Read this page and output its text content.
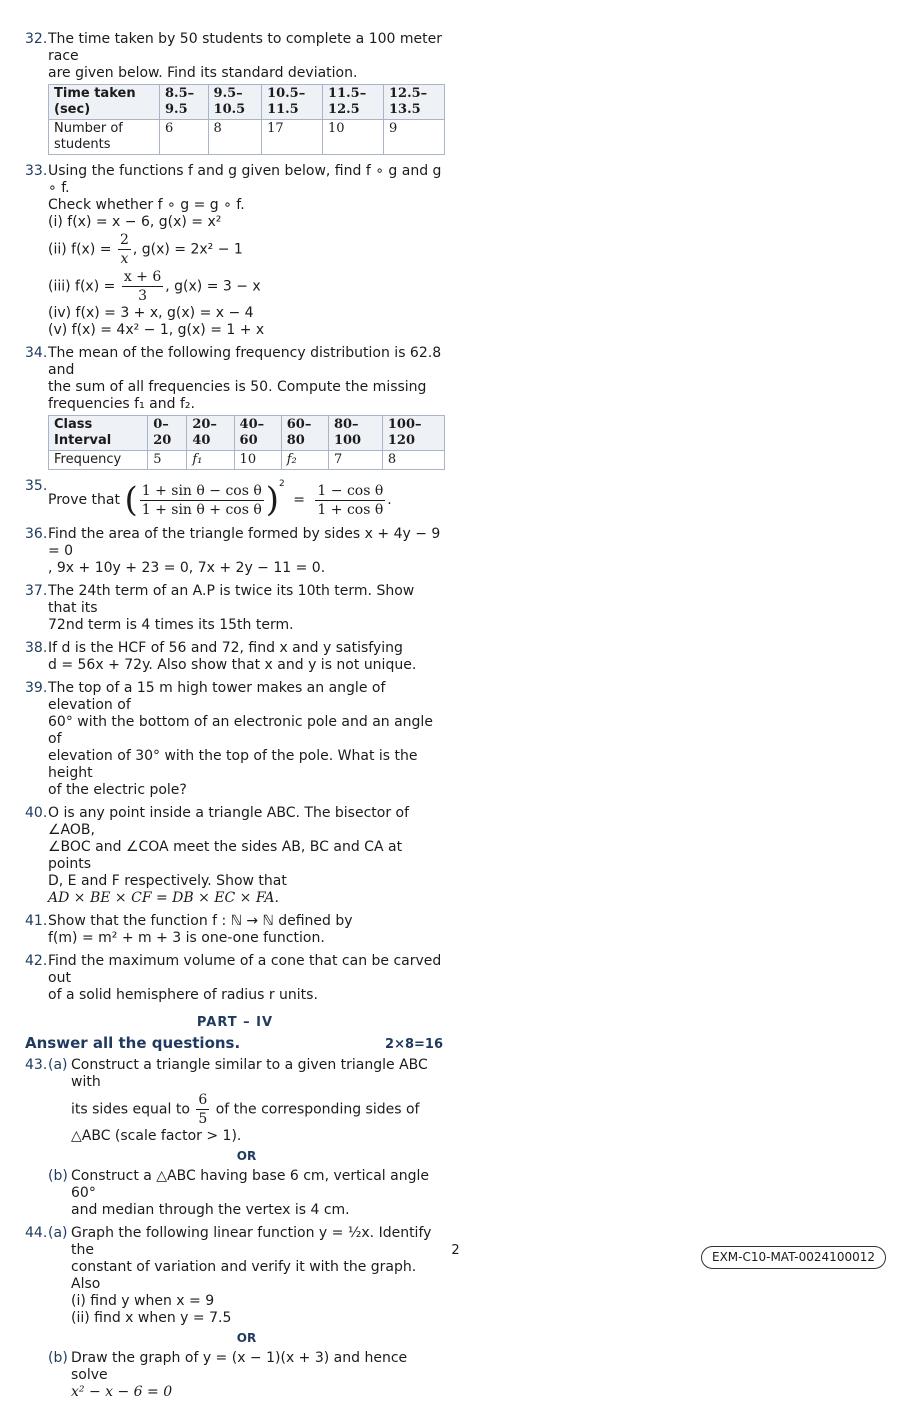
32. The time taken by 50 students to complete a 100 meter race
are given below. Find its standard deviation.
Time taken (sec)	8.5–9.5	9.5–10.5	10.5–11.5	11.5–12.5	12.5–13.5
Number of students	6	8	17	10	9
33. Using the functions f and g given below, find f ∘ g and g ∘ f.
Check whether f ∘ g = g ∘ f.
(i) f(x) = x − 6, g(x) = x²
(ii) $f(x) = \frac{2}{x}$ , g(x) = 2x² − 1
(iii) $f(x) = \frac{x + 6}{3}$ , g(x) = 3 − x
(iv) f(x) = 3 + x, g(x) = x − 4
(v) f(x) = 4x² − 1, g(x) = 1 + x
34. The mean of the following frequency distribution is 62.8 and
the sum of all frequencies is 50. Compute the missing
frequencies f₁ and f₂.
Class Interval	0–20	20–40	40–60	60–80	80–100	100–120
Frequency	5	f₁	10	f₂	7	8
35.
Prove that ( $\frac{\text{1 + sin θ − cos θ}}{\text{1 + sin θ + cos θ}} )^2 = \frac{\text{1 − cos θ}}{\text{1 + cos θ}}$ .
36. Find the area of the triangle formed by sides x + 4y − 9 = 0
, 9x + 10y + 23 = 0, 7x + 2y − 11 = 0.
37. The 24th term of an A.P is twice its 10th term. Show that its
72nd term is 4 times its 15th term.
38. If d is the HCF of 56 and 72, find x and y satisfying
d = 56x + 72y. Also show that x and y is not unique.
39. The top of a 15 m high tower makes an angle of elevation of
60° with the bottom of an electronic pole and an angle of
elevation of 30° with the top of the pole. What is the height
of the electric pole?
40. O is any point inside a triangle ABC. The bisector of ∠AOB,
∠BOC and ∠COA meet the sides AB, BC and CA at points
D, E and F respectively. Show that
AD × BE × CF = DB × EC × FA.
41. Show that the function f : ℕ → ℕ defined by
f(m) = m² + m + 3 is one-one function.
42. Find the maximum volume of a cone that can be carved out
of a solid hemisphere of radius r units.
PART – IV
Answer all the questions.	2×8=16
43. (a) Construct a triangle similar to a given triangle ABC with
its sides equal to $\frac{6}{5}$ of the corresponding sides of
△ABC (scale factor > 1).
OR
(b) Construct a △ABC having base 6 cm, vertical angle 60°
and median through the vertex is 4 cm.
44. (a) Graph the following linear function y = ½x. Identify the
constant of variation and verify it with the graph. Also
(i) find y when x = 9
(ii) find x when y = 7.5
OR
(b) Draw the graph of y = (x − 1)(x + 3) and hence solve
x² − x − 6 = 0
2	EXM-C10-MAT-0024100012
